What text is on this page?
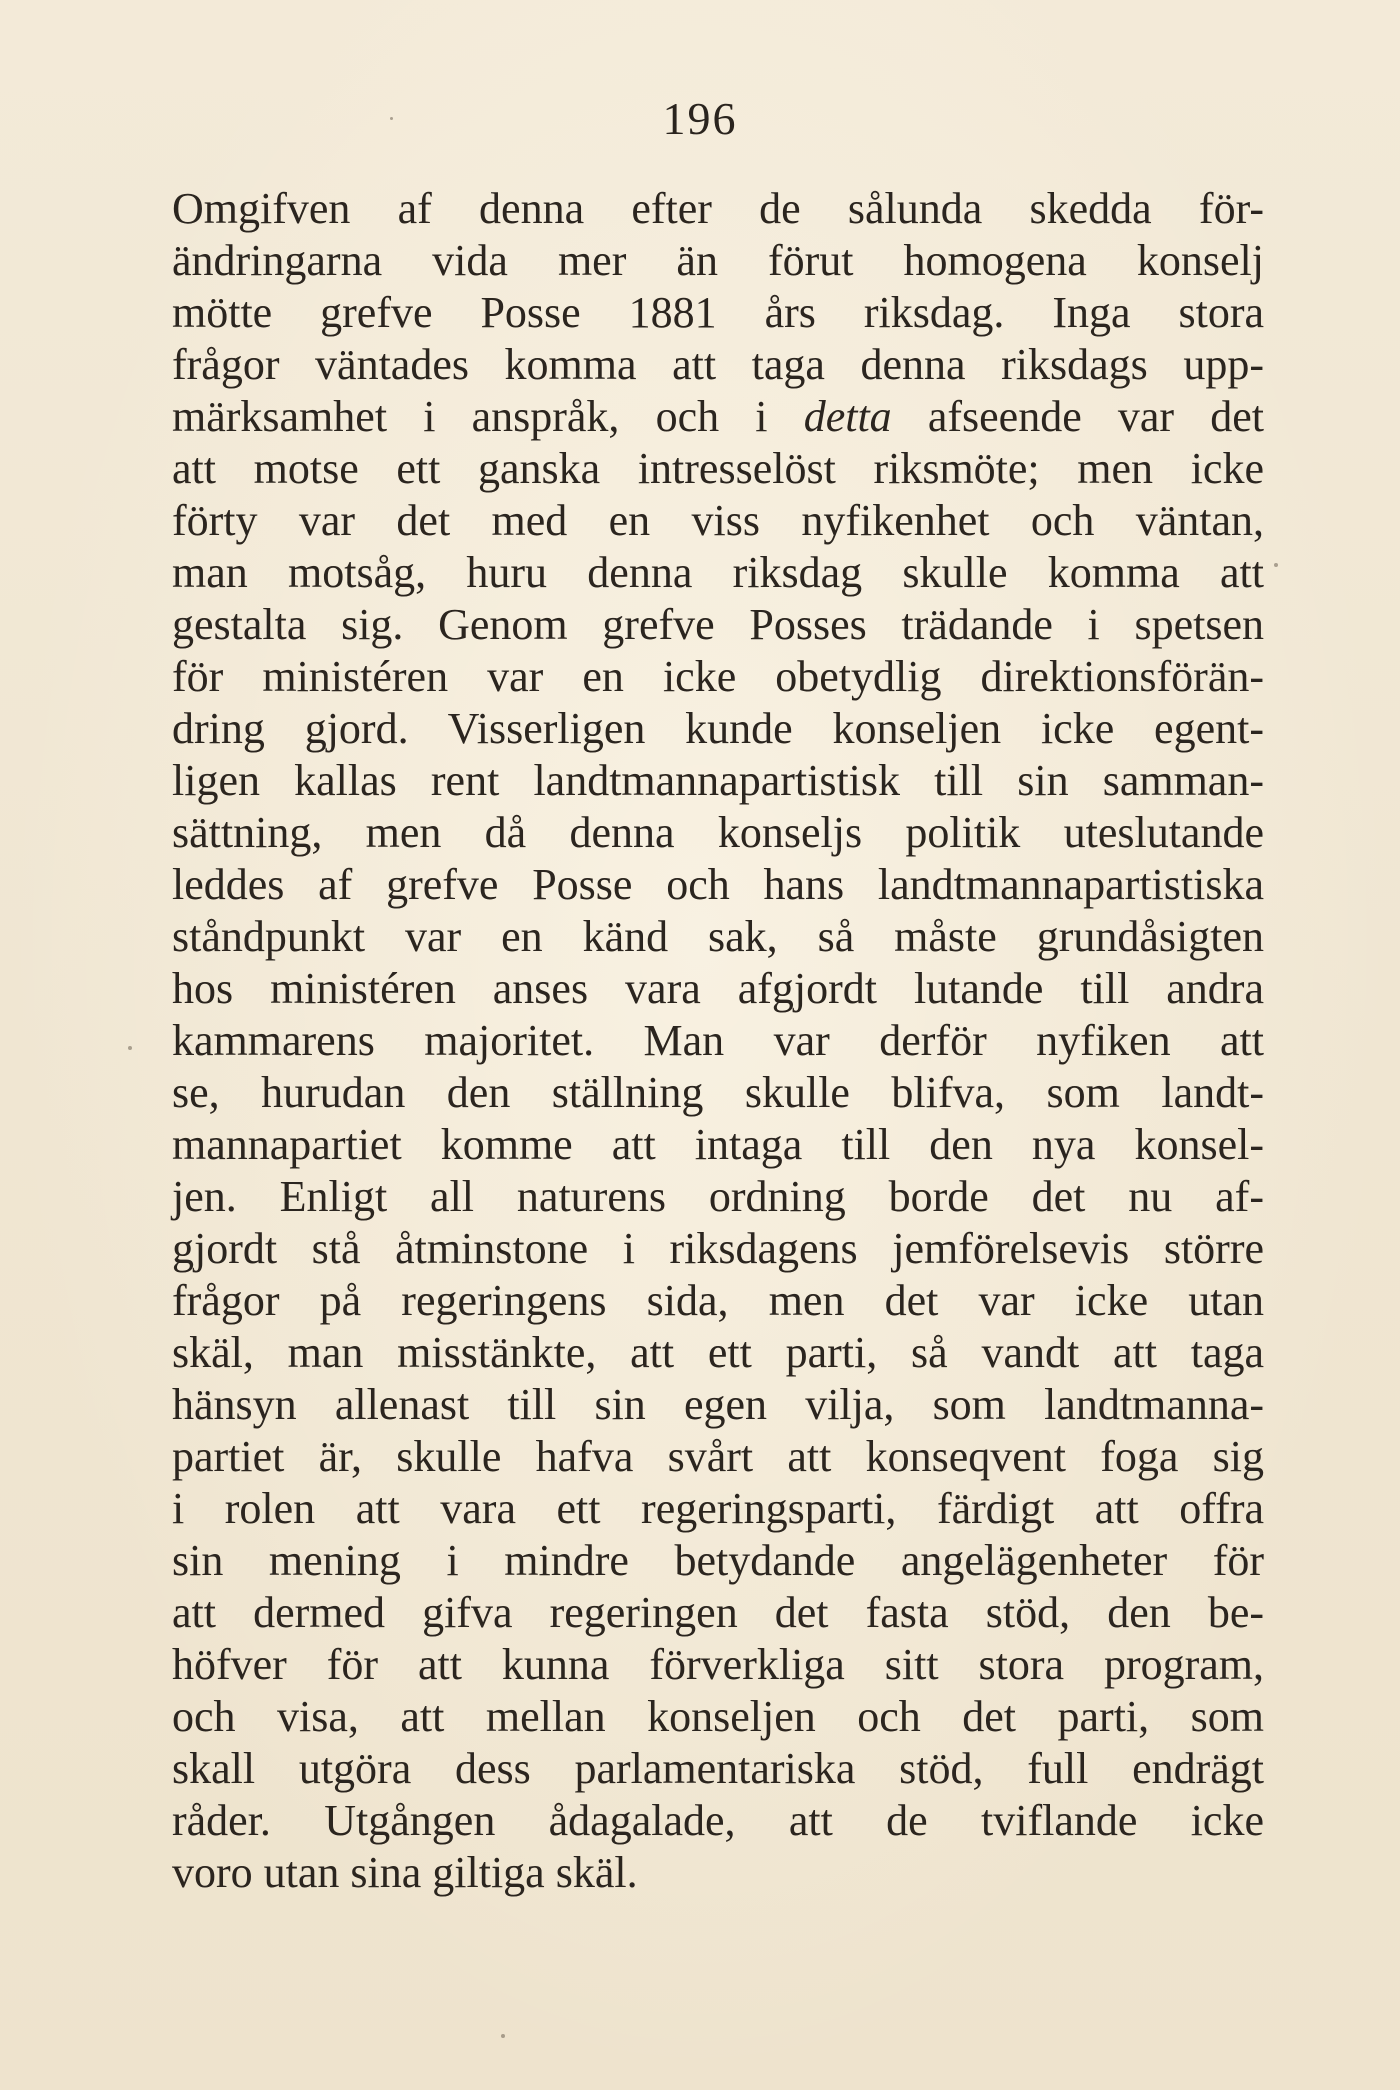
196
Omgifven af denna efter de sålunda skedda för-
ändringarna vida mer än förut homogena konselj
mötte grefve Posse 1881 års riksdag. Inga stora
frågor väntades komma att taga denna riksdags upp-
märksamhet i anspråk, och i detta afseende var det
att motse ett ganska intresselöst riksmöte; men icke
förty var det med en viss nyfikenhet och väntan,
man motsåg, huru denna riksdag skulle komma att
gestalta sig. Genom grefve Posses trädande i spetsen
för ministéren var en icke obetydlig direktionsförän-
dring gjord. Visserligen kunde konseljen icke egent-
ligen kallas rent landtmannapartistisk till sin samman-
sättning, men då denna konseljs politik uteslutande
leddes af grefve Posse och hans landtmannapartistiska
ståndpunkt var en känd sak, så måste grundåsigten
hos ministéren anses vara afgjordt lutande till andra
kammarens majoritet. Man var derför nyfiken att
se, hurudan den ställning skulle blifva, som landt-
mannapartiet komme att intaga till den nya konsel-
jen. Enligt all naturens ordning borde det nu af-
gjordt stå åtminstone i riksdagens jemförelsevis större
frågor på regeringens sida, men det var icke utan
skäl, man misstänkte, att ett parti, så vandt att taga
hänsyn allenast till sin egen vilja, som landtmanna-
partiet är, skulle hafva svårt att konseqvent foga sig
i rolen att vara ett regeringsparti, färdigt att offra
sin mening i mindre betydande angelägenheter för
att dermed gifva regeringen det fasta stöd, den be-
höfver för att kunna förverkliga sitt stora program,
och visa, att mellan konseljen och det parti, som
skall utgöra dess parlamentariska stöd, full endrägt
råder. Utgången ådagalade, att de tviflande icke
voro utan sina giltiga skäl.
